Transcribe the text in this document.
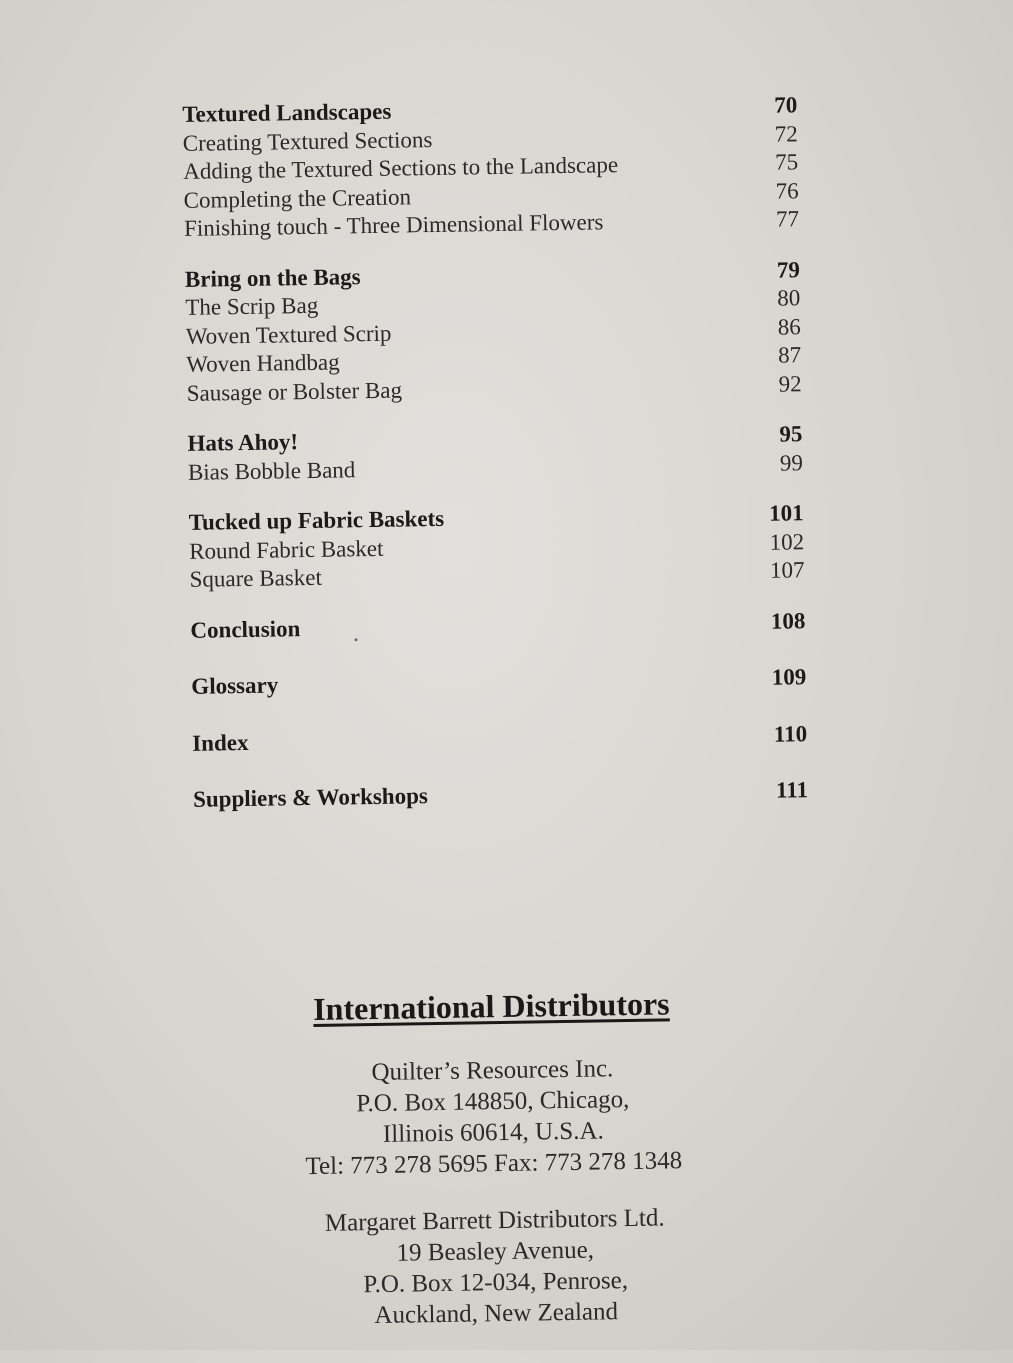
Textured Landscapes	70
Creating Textured Sections	72
Adding the Textured Sections to the Landscape	75
Completing the Creation	76
Finishing touch - Three Dimensional Flowers	77
Bring on the Bags	79
The Scrip Bag	80
Woven Textured Scrip	86
Woven Handbag	87
Sausage or Bolster Bag	92
Hats Ahoy!	95
Bias Bobble Band	99
Tucked up Fabric Baskets	101
Round Fabric Basket	102
Square Basket	107
Conclusion	108
Glossary	109
Index	110
Suppliers & Workshops	111
International Distributors
Quilter’s Resources Inc.
P.O. Box 148850, Chicago,
Illinois 60614, U.S.A.
Tel: 773 278 5695 Fax: 773 278 1348
Margaret Barrett Distributors Ltd.
19 Beasley Avenue,
P.O. Box 12-034, Penrose,
Auckland, New Zealand
